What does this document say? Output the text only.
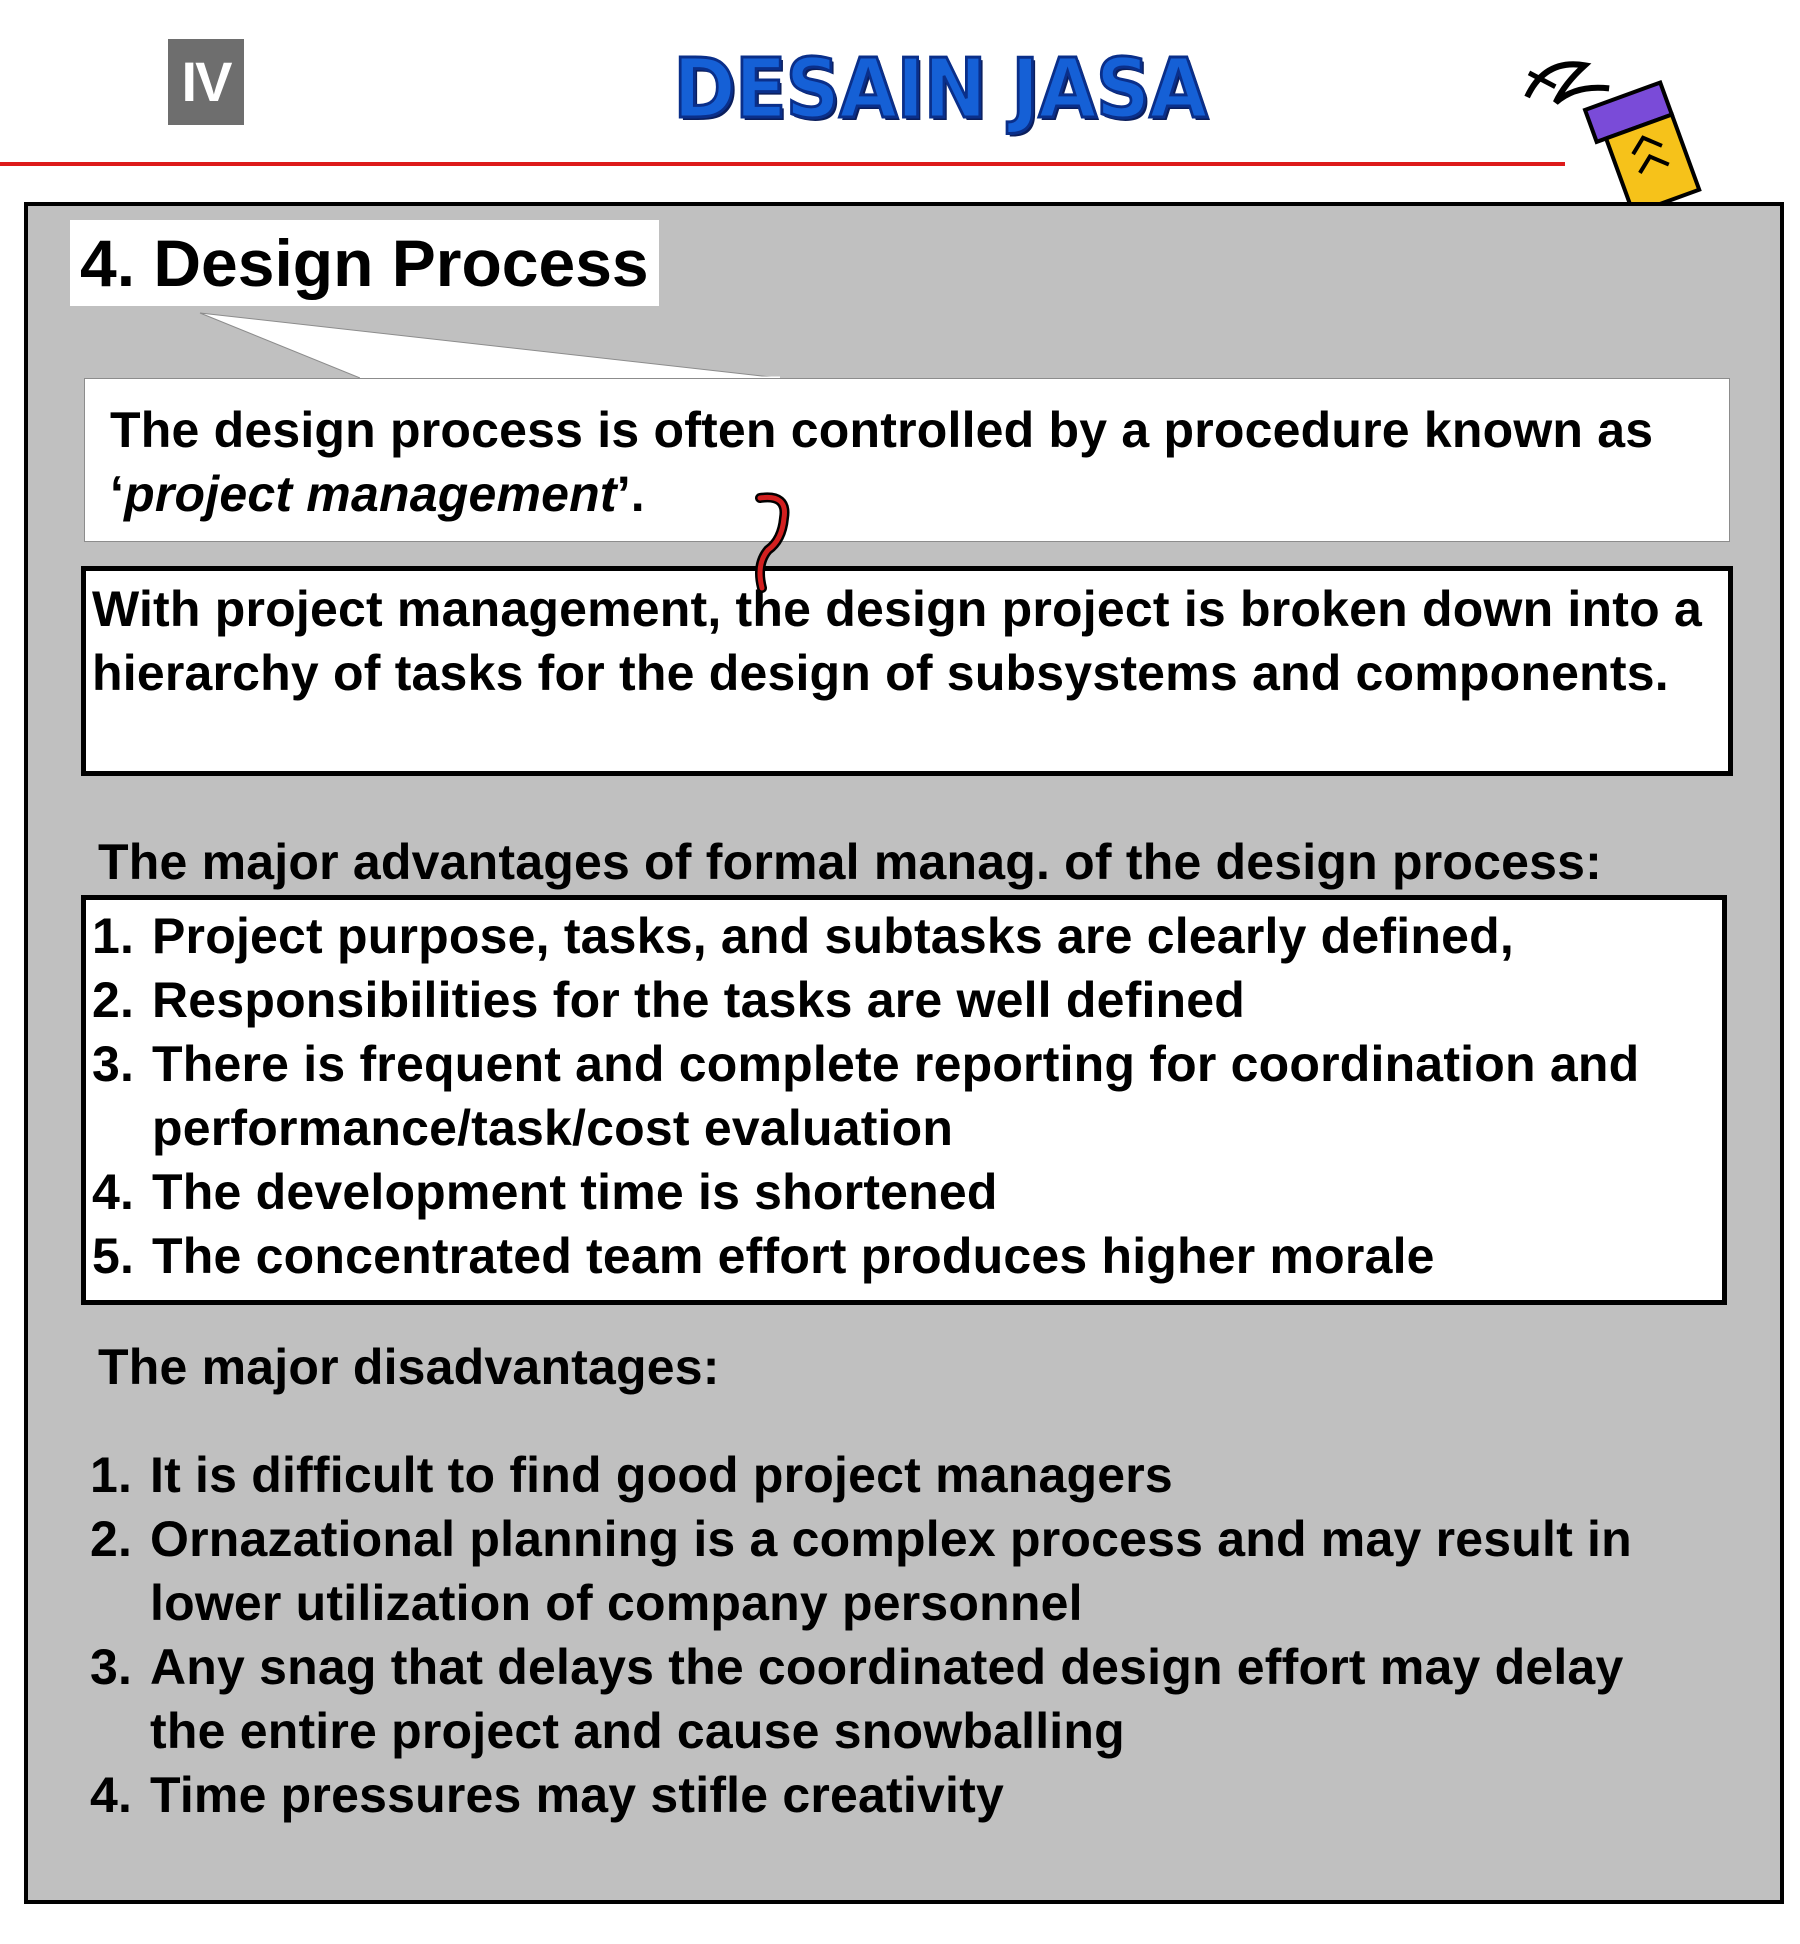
IV	DESAIN JASA
4. Design Process
The design process is often controlled by a procedure known as ‘project management’.
With project management, the design project is broken down into a hierarchy of tasks for the design of subsystems and components.
The major advantages of formal manag. of the design process:
1. Project purpose, tasks, and subtasks are clearly defined,
2. Responsibilities for the tasks are well defined
3. There is frequent and complete reporting for coordination and performance/task/cost evaluation
4. The development time is shortened
5. The concentrated team effort produces higher morale
The major disadvantages:
1. It is difficult to find good project managers
2. Ornazational planning is a complex process and may result in lower utilization of company personnel
3. Any snag that delays the coordinated design effort may delay the entire project and cause snowballing
4. Time pressures may stifle creativity
